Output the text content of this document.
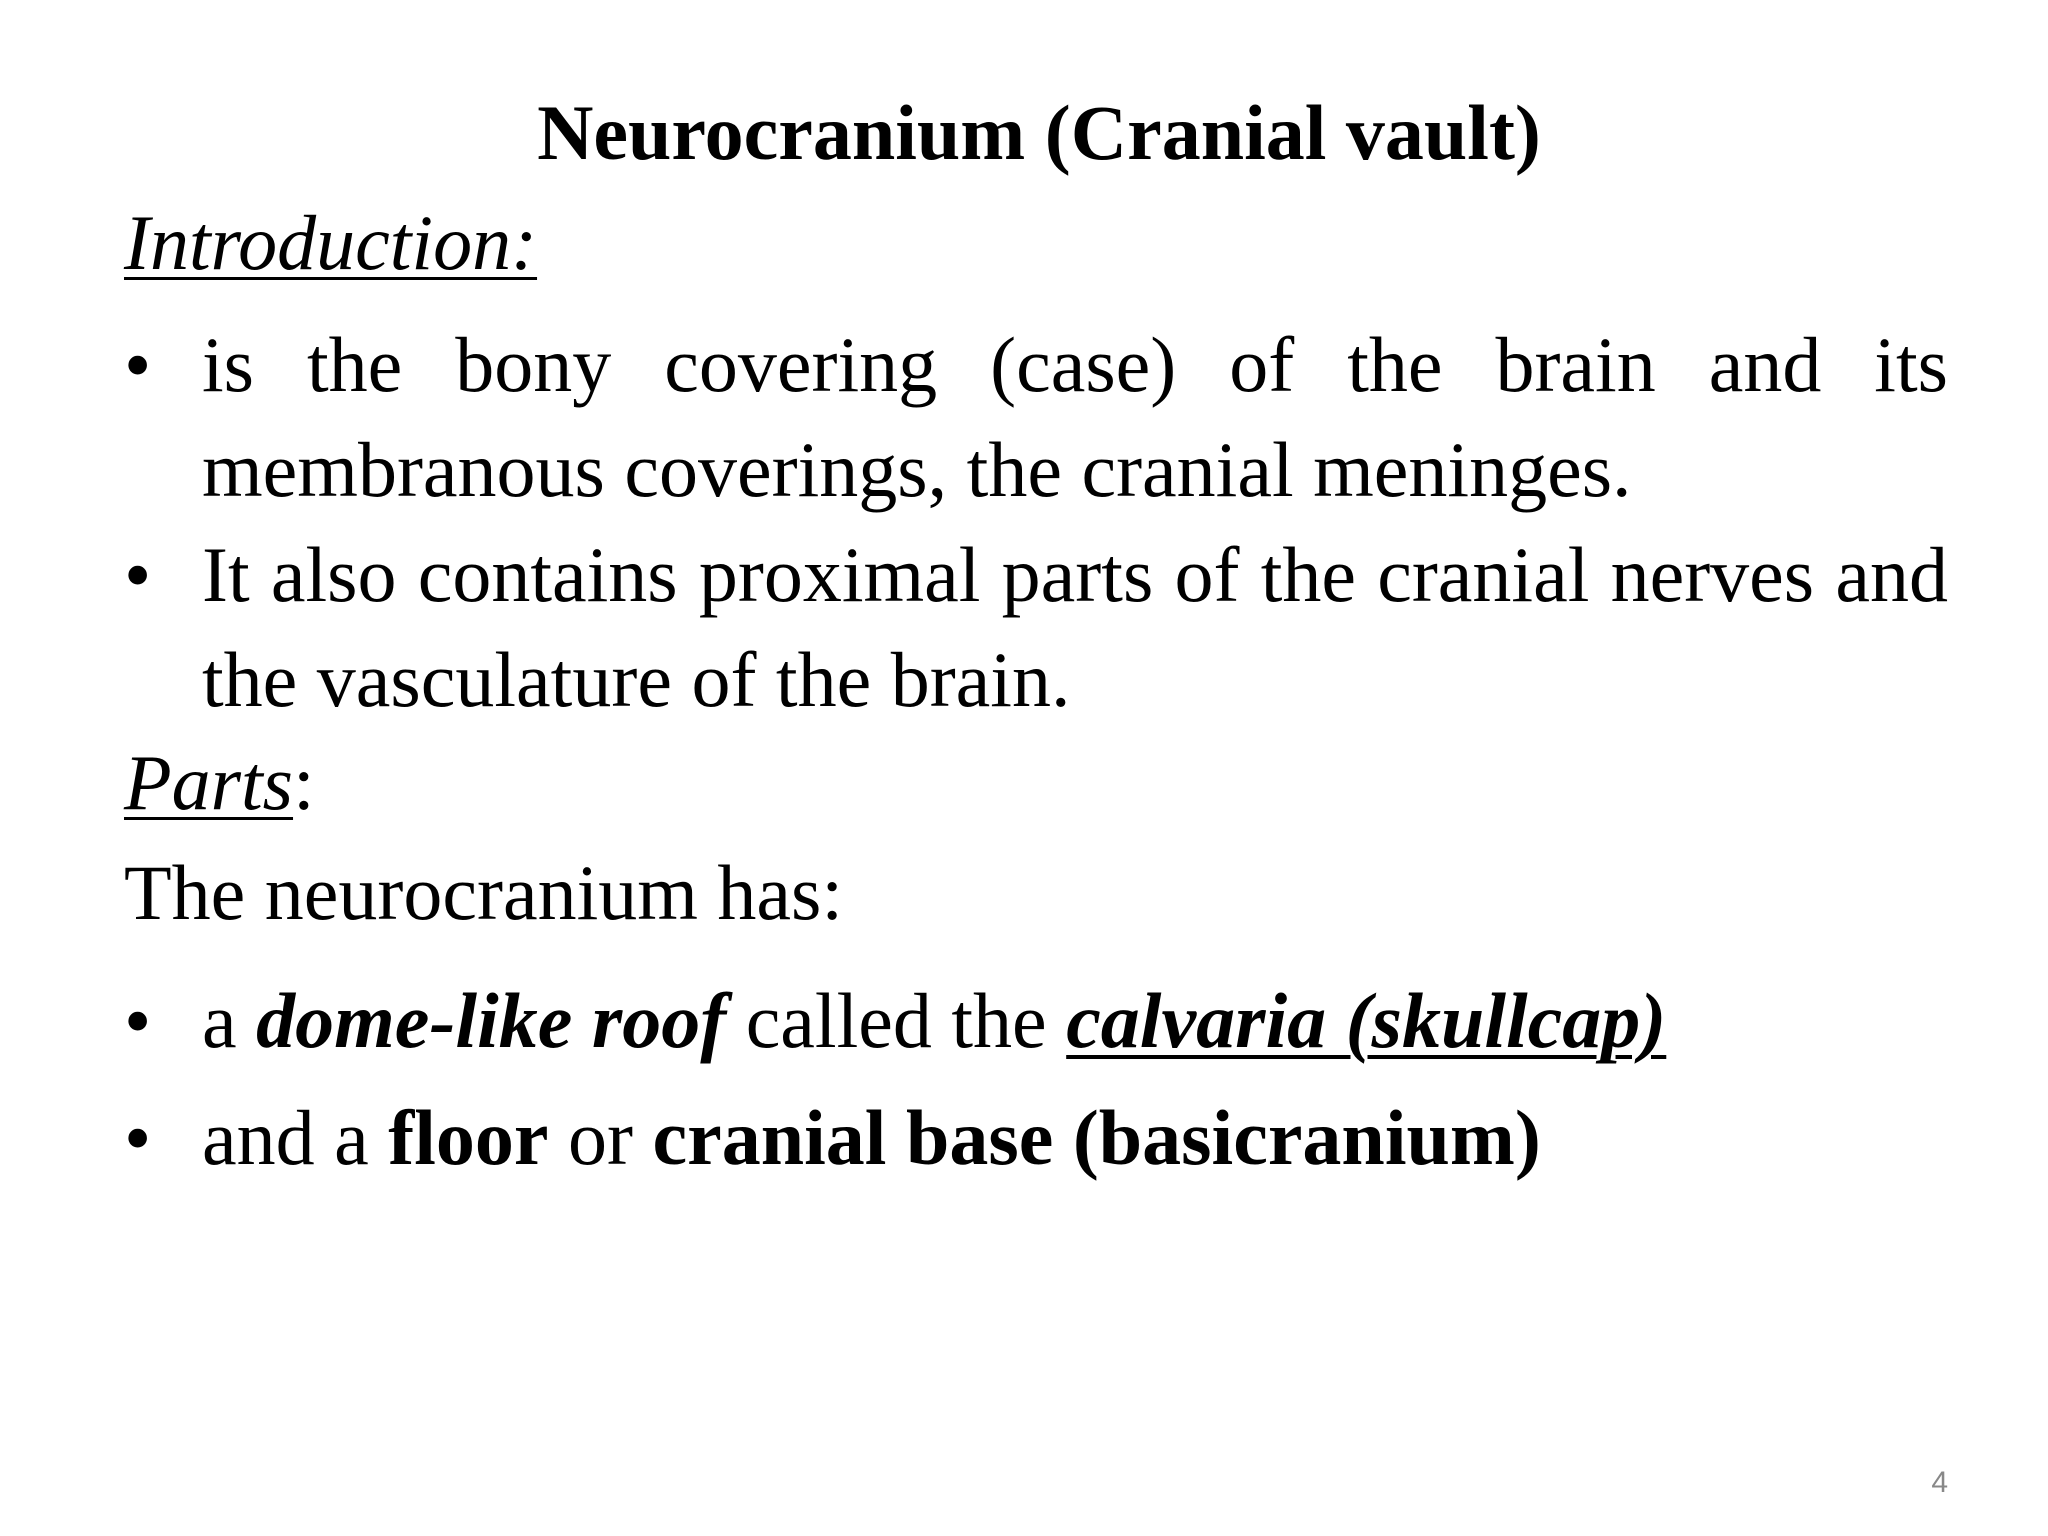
Neurocranium (Cranial vault)
Introduction:
• is the bony covering (case) of the brain and its membranous coverings, the cranial meninges.
• It also contains proximal parts of the cranial nerves and the vasculature of the brain.
Parts:
The neurocranium has:
• a dome-like roof called the calvaria (skullcap)
• and a floor or cranial base (basicranium)
4
